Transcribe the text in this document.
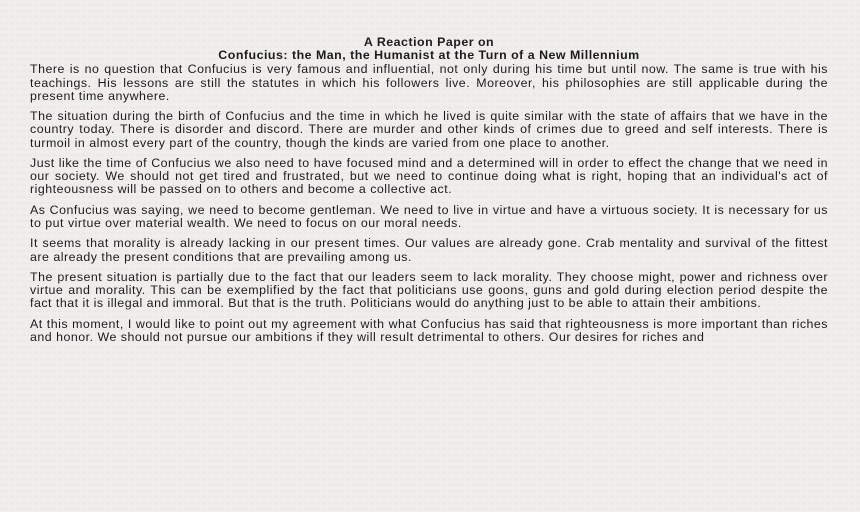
A Reaction Paper on

Confucius: the Man, the Humanist at the Turn of a New Millennium

There is no question that Confucius is very famous and influential, not only during his time but until now. The same is true with his teachings. His lessons are still the statutes in which his followers live. Moreover, his philosophies are still applicable during the present time anywhere.

The situation during the birth of Confucius and the time in which he lived is quite similar with the state of affairs that we have in the country today. There is disorder and discord. There are murder and other kinds of crimes due to greed and self interests. There is turmoil in almost every part of the country, though the kinds are varied from one place to another.

Just like the time of Confucius we also need to have focused mind and a determined will in order to effect the change that we need in our society. We should not get tired and frustrated, but we need to continue doing what is right, hoping that an individual's act of righteousness will be passed on to others and become a collective act.

As Confucius was saying, we need to become gentleman. We need to live in virtue and have a virtuous society. It is necessary for us to put virtue over material wealth. We need to focus on our moral needs.

It seems that morality is already lacking in our present times. Our values are already gone. Crab mentality and survival of the fittest are already the present conditions that are prevailing among us.

The present situation is partially due to the fact that our leaders seem to lack morality. They choose might, power and richness over virtue and morality. This can be exemplified by the fact that politicians use goons, guns and gold during election period despite the fact that it is illegal and immoral. But that is the truth. Politicians would do anything just to be able to attain their ambitions.

At this moment, I would like to point out my agreement with what Confucius has said that righteousness is more important than riches and honor. We should not pursue our ambitions if they will result detrimental to others. Our desires for riches and
